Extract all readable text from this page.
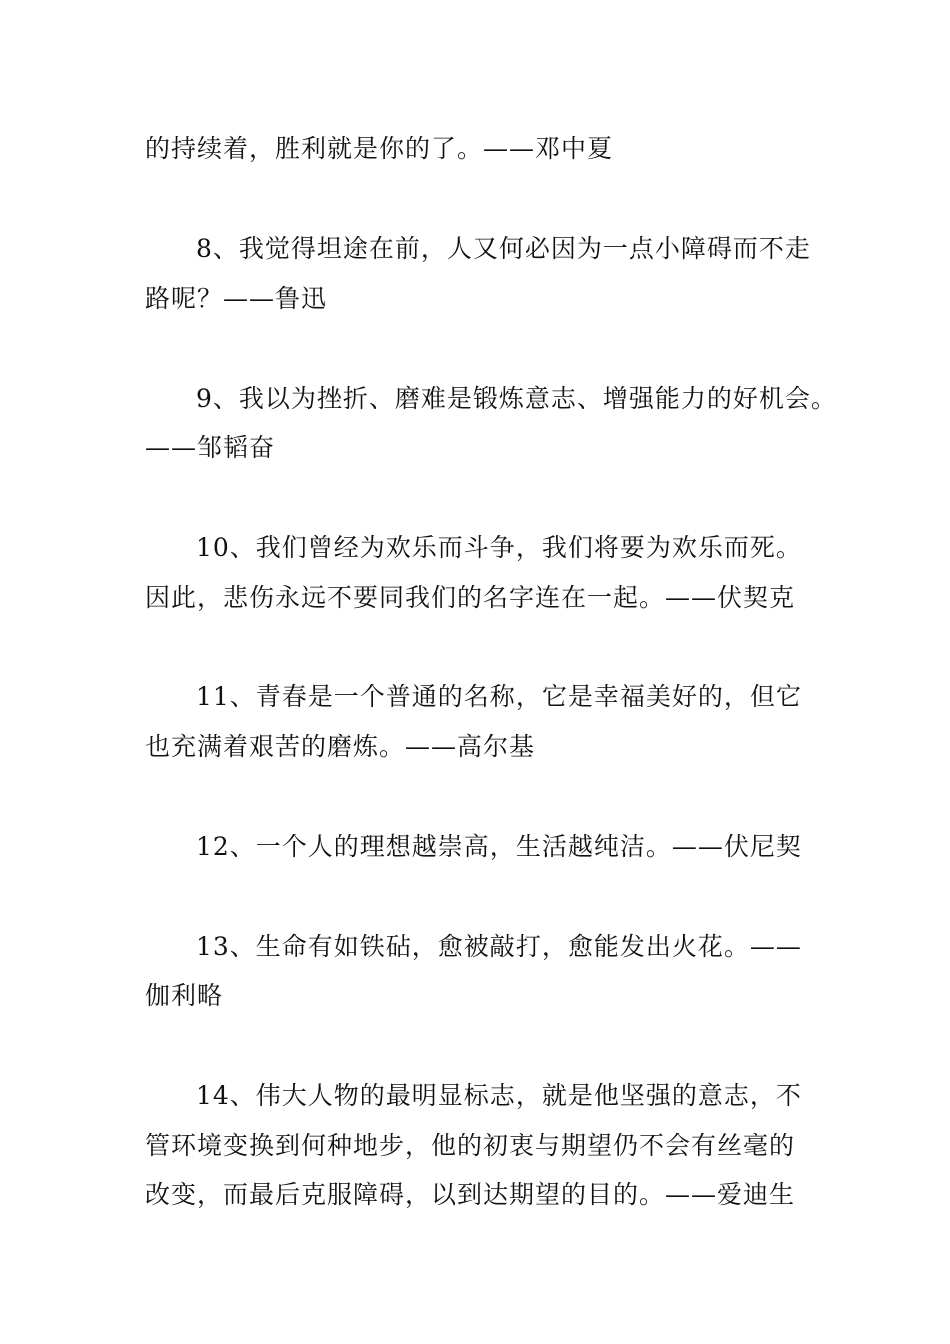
的持续着，胜利就是你的了。——邓中夏
8、我觉得坦途在前，人又何必因为一点小障碍而不走
路呢？——鲁迅
9、我以为挫折、磨难是锻炼意志、增强能力的好机会。
——邹韬奋
10、我们曾经为欢乐而斗争，我们将要为欢乐而死。
因此，悲伤永远不要同我们的名字连在一起。——伏契克
11、青春是一个普通的名称，它是幸福美好的，但它
也充满着艰苦的磨炼。——高尔基
12、一个人的理想越崇高，生活越纯洁。——伏尼契
13、生命有如铁砧，愈被敲打，愈能发出火花。——
伽利略
14、伟大人物的最明显标志，就是他坚强的意志，不
管环境变换到何种地步，他的初衷与期望仍不会有丝毫的
改变，而最后克服障碍，以到达期望的目的。——爱迪生
